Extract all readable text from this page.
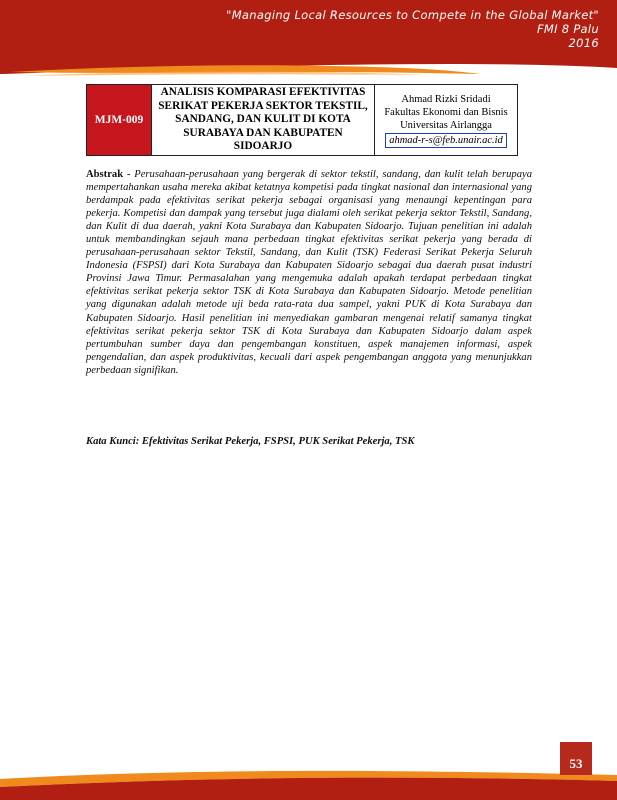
"Managing Local Resources to Compete in the Global Market"
FMI 8 Palu
2016
MJM-009
ANALISIS KOMPARASI EFEKTIVITAS SERIKAT PEKERJA SEKTOR TEKSTIL, SANDANG, DAN KULIT DI KOTA SURABAYA DAN KABUPATEN SIDOARJO
Ahmad Rizki Sridadi
Fakultas Ekonomi dan Bisnis
Universitas Airlangga
ahmad-r-s@feb.unair.ac.id
Abstrak - Perusahaan-perusahaan yang bergerak di sektor tekstil, sandang, dan kulit telah berupaya mempertahankan usaha mereka akibat ketatnya kompetisi pada tingkat nasional dan internasional yang berdampak pada efektivitas serikat pekerja sebagai organisasi yang menaungi kepentingan para pekerja. Kompetisi dan dampak yang tersebut juga dialami oleh serikat pekerja sektor Tekstil, Sandang, dan Kulit di dua daerah, yakni Kota Surabaya dan Kabupaten Sidoarjo. Tujuan penelitian ini adalah untuk membandingkan sejauh mana perbedaan tingkat efektivitas serikat pekerja yang berada di perusahaan-perusahaan sektor Tekstil, Sandang, dan Kulit (TSK) Federasi Serikat Pekerja Seluruh Indonesia (FSPSI) dari Kota Surabaya dan Kabupaten Sidoarjo sebagai dua daerah pusat industri Provinsi Jawa Timur. Permasalahan yang mengemuka adalah apakah terdapat perbedaan tingkat efektivitas serikat pekerja sektor TSK di Kota Surabaya dan Kabupaten Sidoarjo. Metode penelitian yang digunakan adalah metode uji beda rata-rata dua sampel, yakni PUK di Kota Surabaya dan Kabupaten Sidoarjo. Hasil penelitian ini menyediakan gambaran mengenai relatif samanya tingkat efektivitas serikat pekerja sektor TSK di Kota Surabaya dan Kabupaten Sidoarjo dalam aspek pertumbuhan sumber daya dan pengembangan konstituen, aspek manajemen informasi, aspek pengendalian, dan aspek produktivitas, kecuali dari aspek pengembangan anggota yang menunjukkan perbedaan signifikan.
Kata Kunci: Efektivitas Serikat Pekerja, FSPSI, PUK Serikat Pekerja, TSK
53
